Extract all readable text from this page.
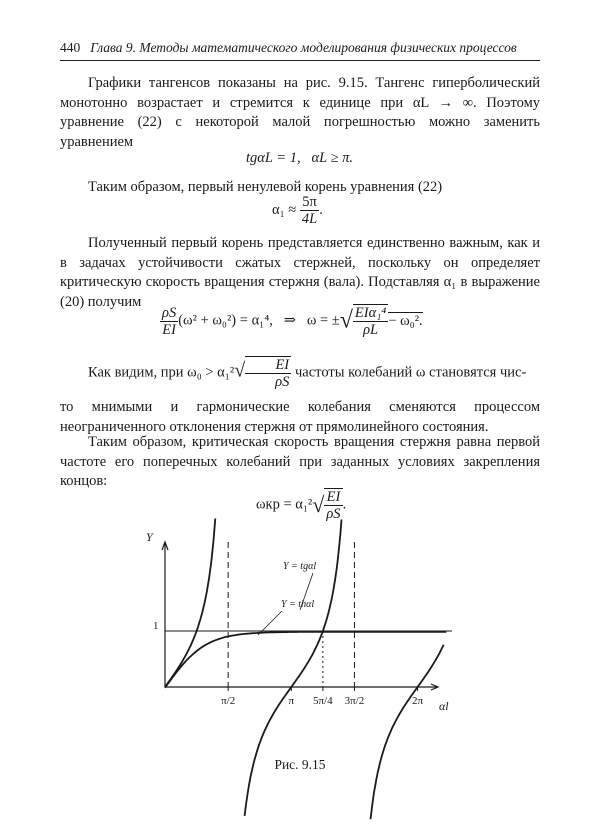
440 Глава 9. Методы математического моделирования физических процессов
Графики тангенсов показаны на рис. 9.15. Тангенс гиперболический монотонно возрастает и стремится к единице при αL → ∞. Поэтому уравнение (22) с некоторой малой погрешностью можно заменить уравнением
tgαL = 1, αL ≥ π.
Таким образом, первый ненулевой корень уравнения (22)
$\alpha_1 \approx \frac{5\pi}{4L}$ .
Полученный первый корень представляется единственно важным, как и в задачах устойчивости сжатых стержней, поскольку он определяет критическую скорость вращения стержня (вала). Подставляя α₁ в выражение (20) получим
$\frac{\rho S}{EI} (\omega^2 + \omega_0^2) = \alpha_1^4$, ⇒ ω = ±√ $\frac{\text{EIα₁⁴}}{\rho L} - \omega_0^2$.
Как видим, при $\omega_0 > \alpha_1^2√ \frac{EI}{\rho S}$ частоты колебаний ω становятся чис-
то мнимыми и гармонические колебания сменяются процессом неограниченного отклонения стержня от прямолинейного состояния.
Таким образом, критическая скорость вращения стержня равна первой частоте его поперечных колебаний при заданных условиях закрепления концов:
$\omega кр = \alpha_1^2√ \frac{EI}{\rho S}$ .
Y
αl
π/2	π 5π/4 3π/2	2π
1
Y = tgαl
Y = thαl
Рис. 9.15
